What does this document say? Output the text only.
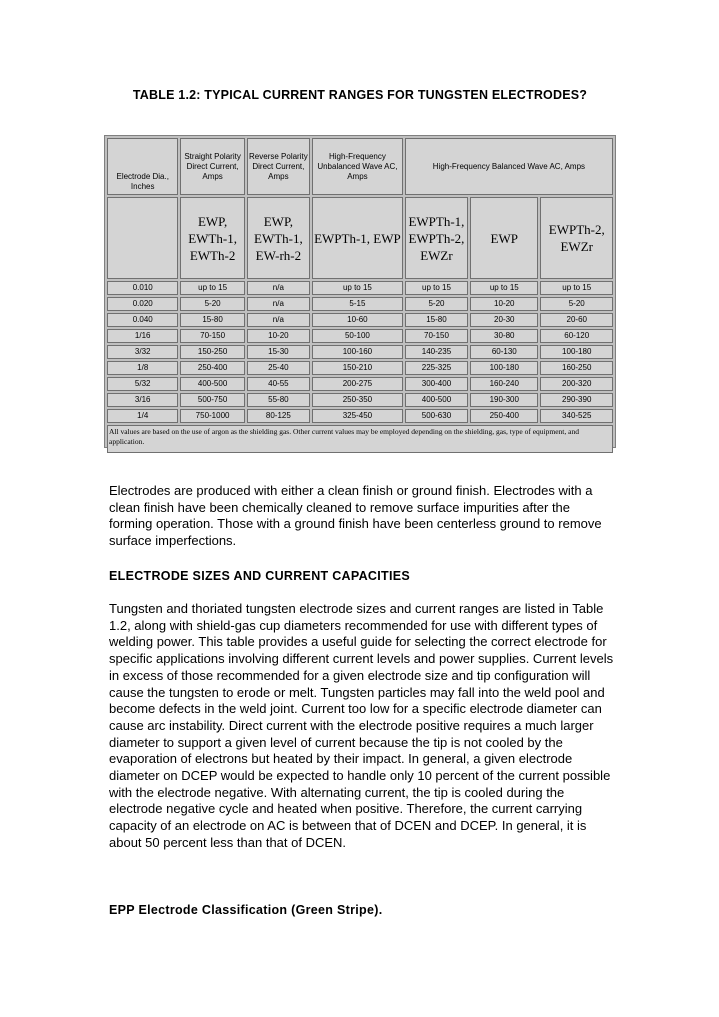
TABLE 1.2: TYPICAL CURRENT RANGES FOR TUNGSTEN ELECTRODES?
Electrode Dia., Inches	Straight Polarity Direct Current, Amps	Reverse Polarity Direct Current, Amps	High-Frequency Unbalanced Wave AC, Amps	High-Frequency Balanced Wave AC, Amps		
	EWP, EWTh-1, EWTh-2	EWP, EWTh-1, EW-rh-2	EWPTh-1, EWP	EWPTh-1, EWPTh-2, EWZr	EWP	EWPTh-2, EWZr
0.010	up to 15	n/a	up to 15	up to 15	up to 15	up to 15
0.020	5-20	n/a	5-15	5-20	10-20	5-20
0.040	15-80	n/a	10-60	15-80	20-30	20-60
1/16	70-150	10-20	50-100	70-150	30-80	60-120
3/32	150-250	15-30	100-160	140-235	60-130	100-180
1/8	250-400	25-40	150-210	225-325	100-180	160-250
5/32	400-500	40-55	200-275	300-400	160-240	200-320
3/16	500-750	55-80	250-350	400-500	190-300	290-390
1/4	750-1000	80-125	325-450	500-630	250-400	340-525
All values are based on the use of argon as the shielding gas. Other current values may be employed depending on the shielding, gas, type of equipment, and application.						
Electrodes are produced with either a clean finish or ground finish. Electrodes with a clean finish have been chemically cleaned to remove surface impurities after the forming operation. Those with a ground finish have been centerless ground to remove surface imperfections.
ELECTRODE SIZES AND CURRENT CAPACITIES
Tungsten and thoriated tungsten electrode sizes and current ranges are listed in Table 1.2, along with shield-gas cup diameters recommended for use with different types of welding power. This table provides a useful guide for selecting the correct electrode for specific applications involving different current levels and power supplies. Current levels in excess of those recommended for a given electrode size and tip configuration will cause the tungsten to erode or melt. Tungsten particles may fall into the weld pool and become defects in the weld joint. Current too low for a specific electrode diameter can cause arc instability. Direct current with the electrode positive requires a much larger diameter to support a given level of current because the tip is not cooled by the evaporation of electrons but heated by their impact. In general, a given electrode diameter on DCEP would be expected to handle only 10 percent of the current possible with the electrode negative. With alternating current, the tip is cooled during the electrode negative cycle and heated when positive. Therefore, the current carrying capacity of an electrode on AC is between that of DCEN and DCEP. In general, it is about 50 percent less than that of DCEN.
EPP Electrode Classification (Green Stripe).
